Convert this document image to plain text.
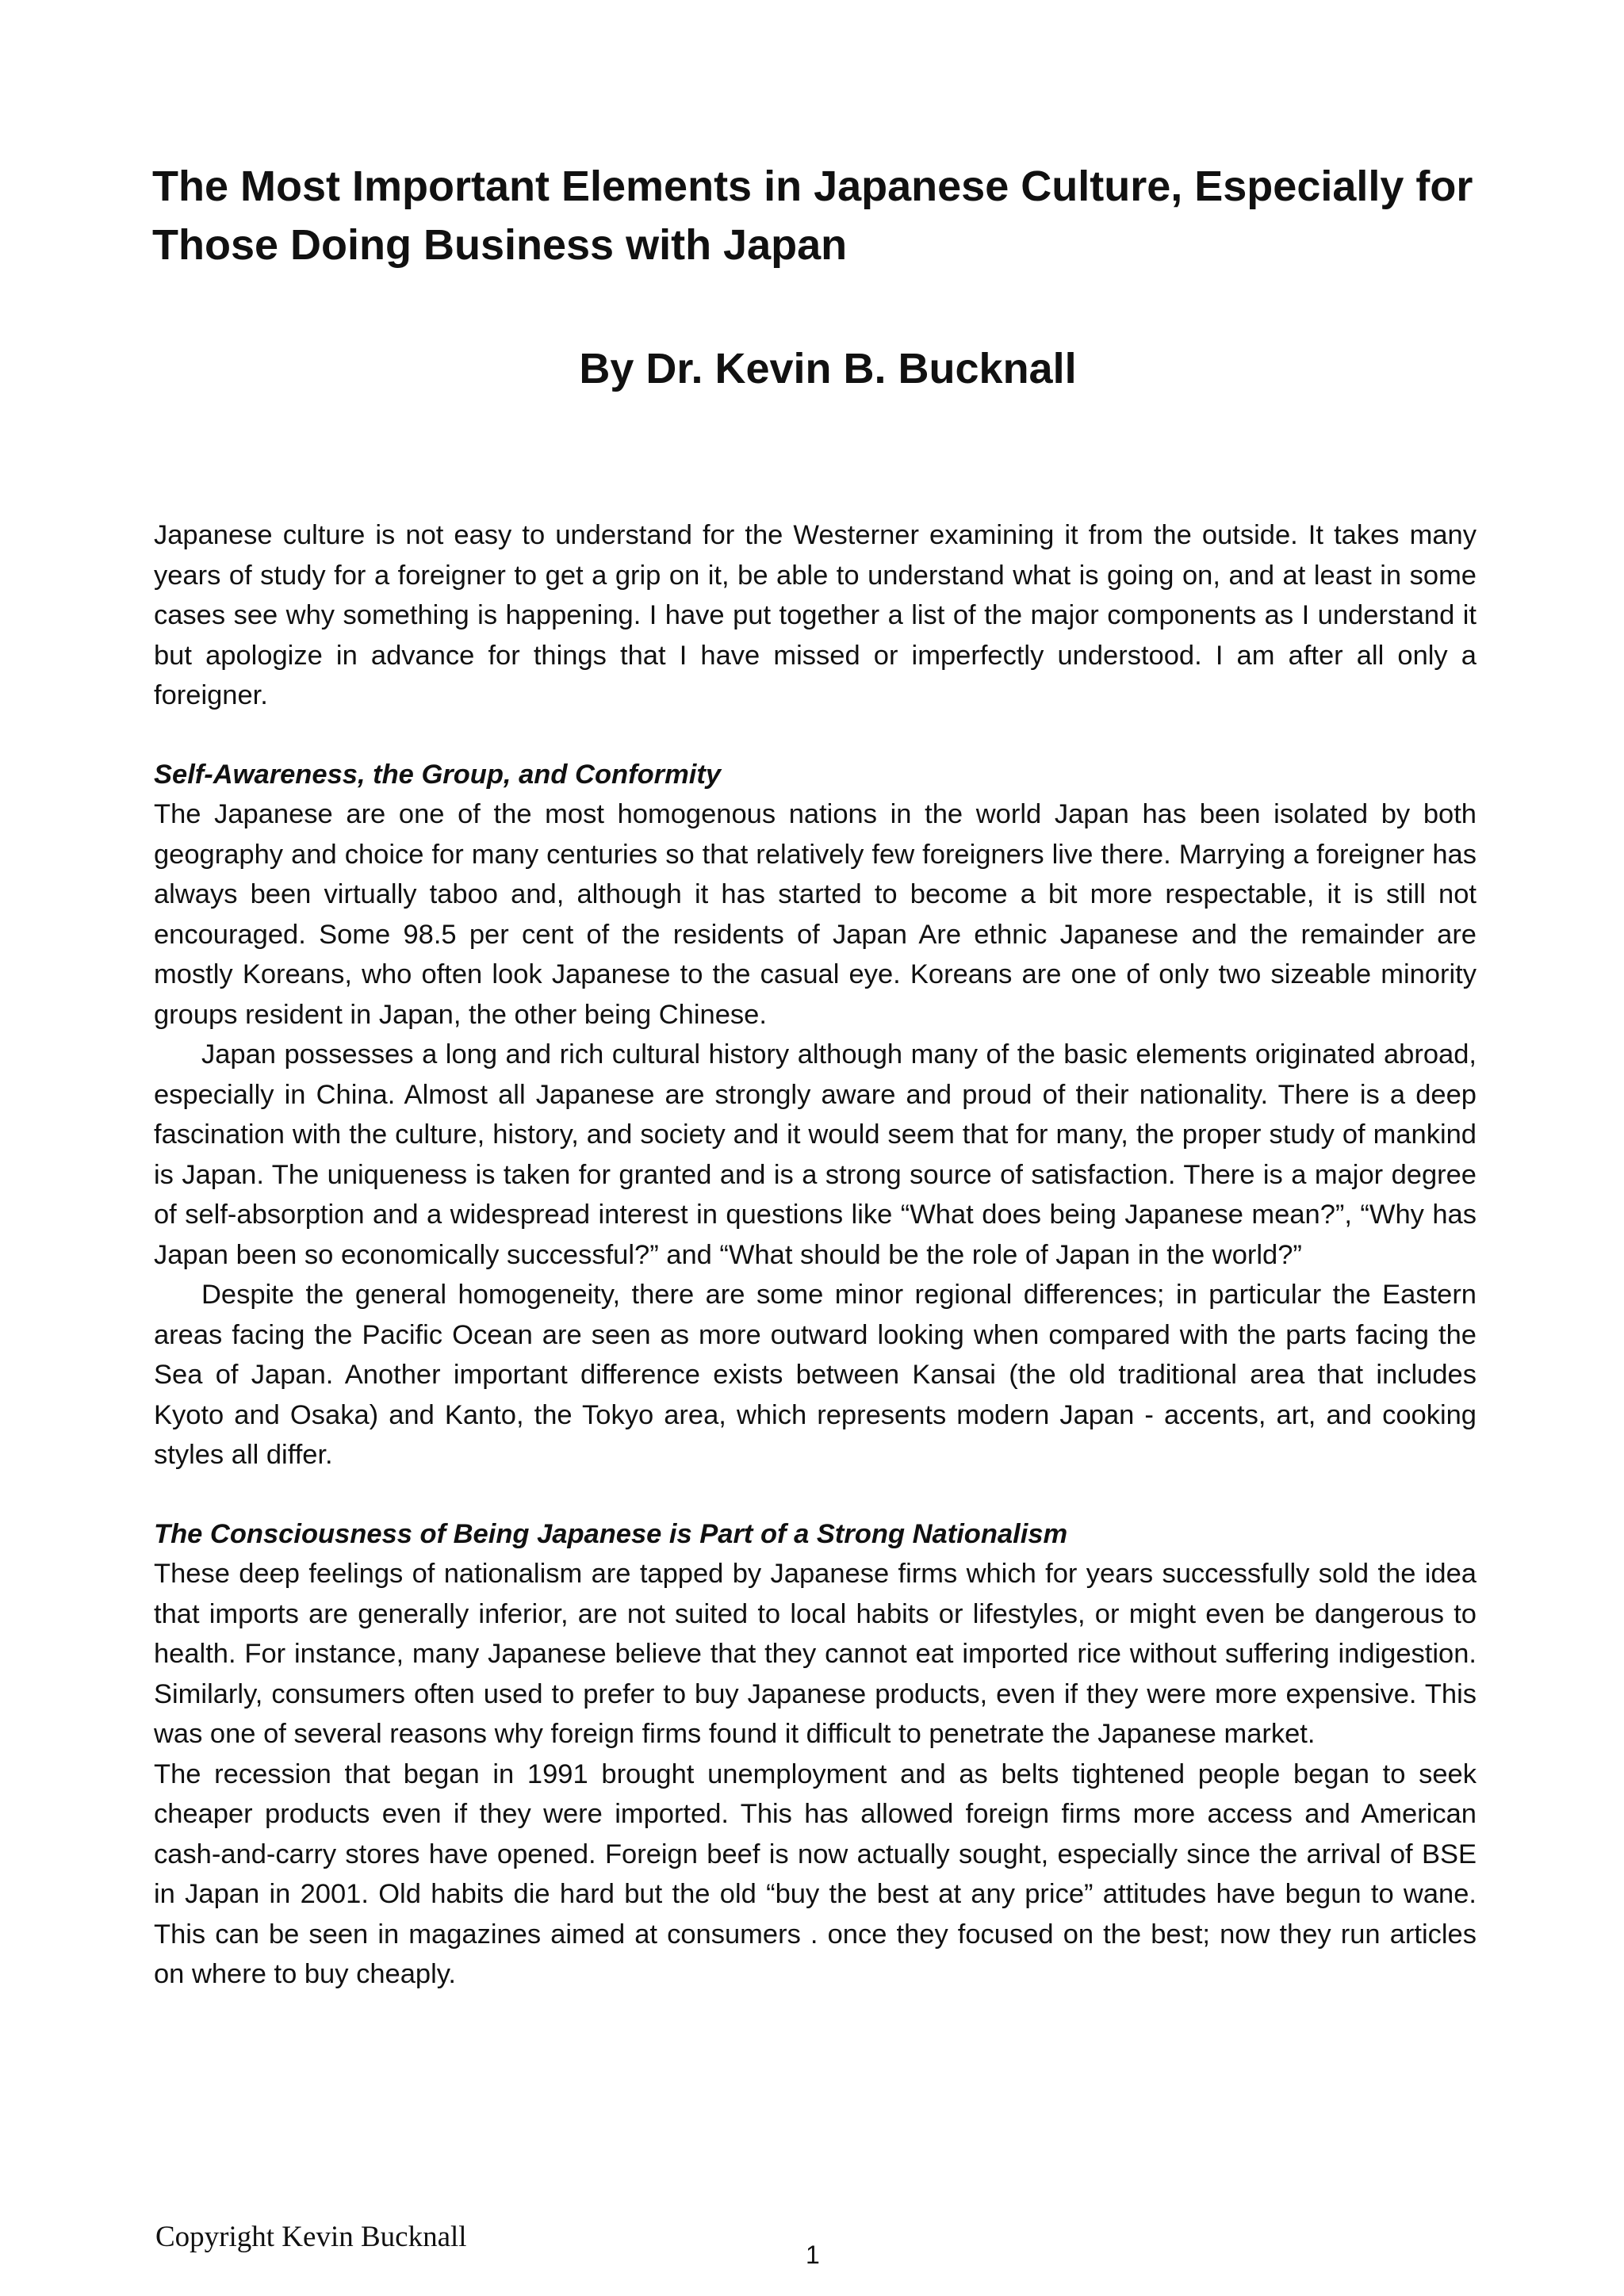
The Most Important Elements in Japanese Culture, Especially for Those Doing Business with Japan
By Dr. Kevin B. Bucknall

Japanese culture is not easy to understand for the Westerner examining it from the outside. It takes many years of study for a foreigner to get a grip on it, be able to understand what is going on, and at least in some cases see why something is happening. I have put together a list of the major components as I understand it but apologize in advance for things that I have missed or imperfectly understood. I am after all only a foreigner.

Self-Awareness, the Group, and Conformity

The Japanese are one of the most homogenous nations in the world Japan has been isolated by both geography and choice for many centuries so that relatively few foreigners live there. Marrying a foreigner has always been virtually taboo and, although it has started to become a bit more respectable, it is still not encouraged. Some 98.5 per cent of the residents of Japan Are ethnic Japanese and the remainder are mostly Koreans, who often look Japanese to the casual eye. Koreans are one of only two sizeable minority groups resident in Japan, the other being Chinese.

Japan possesses a long and rich cultural history although many of the basic elements originated abroad, especially in China. Almost all Japanese are strongly aware and proud of their nationality. There is a deep fascination with the culture, history, and society and it would seem that for many, the proper study of mankind is Japan. The uniqueness is taken for granted and is a strong source of satisfaction. There is a major degree of self-absorption and a widespread interest in questions like “What does being Japanese mean?”, “Why has Japan been so economically successful?” and “What should be the role of Japan in the world?”

Despite the general homogeneity, there are some minor regional differences; in particular the Eastern areas facing the Pacific Ocean are seen as more outward looking when compared with the parts facing the Sea of Japan. Another important difference exists between Kansai (the old traditional area that includes Kyoto and Osaka) and Kanto, the Tokyo area, which represents modern Japan - accents, art, and cooking styles all differ.

The Consciousness of Being Japanese is Part of a Strong Nationalism

These deep feelings of nationalism are tapped by Japanese firms which for years successfully sold the idea that imports are generally inferior, are not suited to local habits or lifestyles, or might even be dangerous to health. For instance, many Japanese believe that they cannot eat imported rice without suffering indigestion. Similarly, consumers often used to prefer to buy Japanese products, even if they were more expensive. This was one of several reasons why foreign firms found it difficult to penetrate the Japanese market.

The recession that began in 1991 brought unemployment and as belts tightened people began to seek cheaper products even if they were imported. This has allowed foreign firms more access and American cash-and-carry stores have opened. Foreign beef is now actually sought, especially since the arrival of BSE in Japan in 2001. Old habits die hard but the old “buy the best at any price” attitudes have begun to wane. This can be seen in magazines aimed at consumers . once they focused on the best; now they run articles on where to buy cheaply.

Copyright Kevin Bucknall
1
